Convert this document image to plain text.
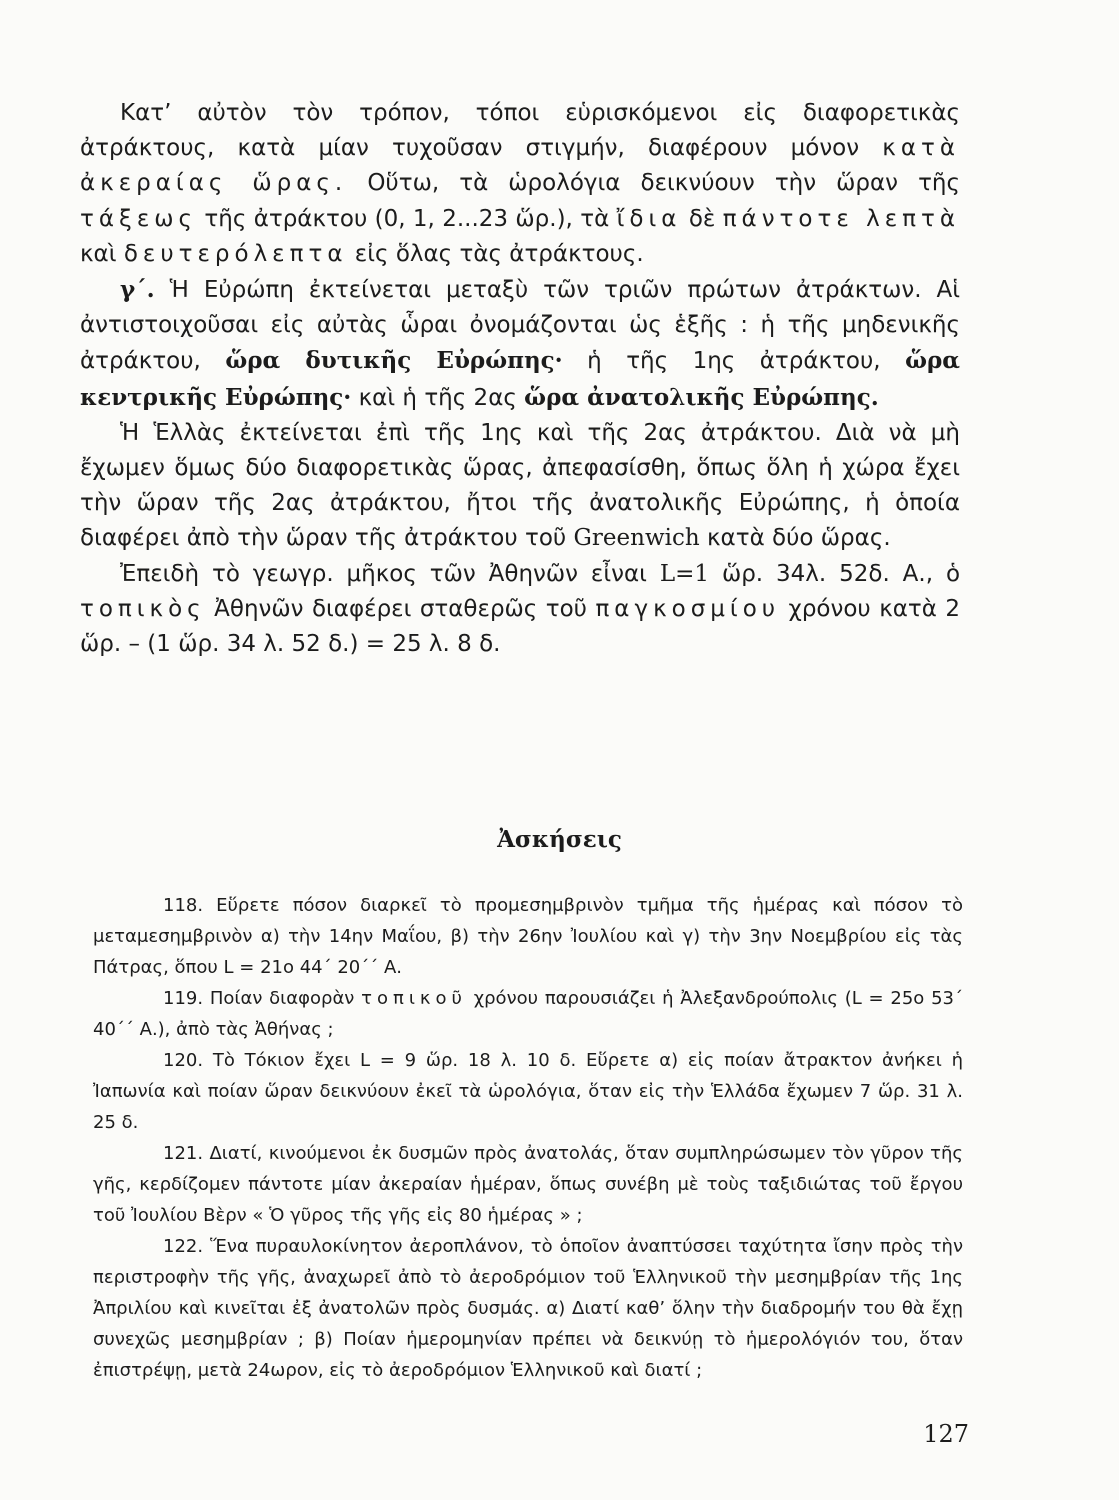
Κατ’ αὐτὸν τὸν τρόπον, τόποι εὑρισκόμενοι εἰς διαφορετικὰς ἀτράκτους, κατὰ μίαν τυχοῦσαν στιγμήν, διαφέρουν μόνον κατὰ ἀκεραίας ὥρας. Οὕτω, τὰ ὡρολόγια δεικνύουν τὴν ὥραν τῆς τάξεως τῆς ἀτράκτου (0, 1, 2...23 ὥρ.), τὰ ἴδια δὲ πάντοτε λεπτὰ καὶ δευτερόλεπτα εἰς ὅλας τὰς ἀτράκτους.

γ΄. Ἡ Εὐρώπη ἐκτείνεται μεταξὺ τῶν τριῶν πρώτων ἀτράκτων. Αἱ ἀντιστοιχοῦσαι εἰς αὐτὰς ὧραι ὀνομάζονται ὡς ἑξῆς : ἡ τῆς μηδενικῆς ἀτράκτου, ὥρα δυτικῆς Εὐρώπης· ἡ τῆς 1ης ἀτράκτου, ὥρα κεντρικῆς Εὐρώπης· καὶ ἡ τῆς 2ας ὥρα ἀνατολικῆς Εὐρώπης.

Ἡ Ἑλλὰς ἐκτείνεται ἐπὶ τῆς 1ης καὶ τῆς 2ας ἀτράκτου. Διὰ νὰ μὴ ἔχωμεν ὅμως δύο διαφορετικὰς ὥρας, ἀπεφασίσθη, ὅπως ὅλη ἡ χώρα ἔχει τὴν ὥραν τῆς 2ας ἀτράκτου, ἤτοι τῆς ἀνατολικῆς Εὐρώπης, ἡ ὁποία διαφέρει ἀπὸ τὴν ὥραν τῆς ἀτράκτου τοῦ Greenwich κατὰ δύο ὥρας.

Ἐπειδὴ τὸ γεωγρ. μῆκος τῶν Ἀθηνῶν εἶναι L=1 ὥρ. 34λ. 52δ. Α., ὁ τοπικὸς Ἀθηνῶν διαφέρει σταθερῶς τοῦ παγκοσμίου χρόνου κατὰ 2 ὥρ. – (1 ὥρ. 34 λ. 52 δ.) = 25 λ. 8 δ.

Ἀσκήσεις

118. Εὕρετε πόσον διαρκεῖ τὸ προμεσημβρινὸν τμῆμα τῆς ἡμέρας καὶ πόσον τὸ μεταμεσημβρινὸν α) τὴν 14ην Μαΐου, β) τὴν 26ην Ἰουλίου καὶ γ) τὴν 3ην Νοεμβρίου εἰς τὰς Πάτρας, ὅπου L = 21ο 44΄ 20΄΄ Α.

119. Ποίαν διαφορὰν τοπικοῦ χρόνου παρουσιάζει ἡ Ἀλεξανδρούπολις (L = 25ο 53΄ 40΄΄ Α.), ἀπὸ τὰς Ἀθήνας ;

120. Τὸ Τόκιον ἔχει L = 9 ὥρ. 18 λ. 10 δ. Εὕρετε α) εἰς ποίαν ἄτρακτον ἀνήκει ἡ Ἰαπωνία καὶ ποίαν ὥραν δεικνύουν ἐκεῖ τὰ ὡρολόγια, ὅταν εἰς τὴν Ἑλλάδα ἔχωμεν 7 ὥρ. 31 λ. 25 δ.

121. Διατί, κινούμενοι ἐκ δυσμῶν πρὸς ἀνατολάς, ὅταν συμπληρώσωμεν τὸν γῦρον τῆς γῆς, κερδίζομεν πάντοτε μίαν ἀκεραίαν ἡμέραν, ὅπως συνέβη μὲ τοὺς ταξιδιώτας τοῦ ἔργου τοῦ Ἰουλίου Βὲρν « Ὁ γῦρος τῆς γῆς εἰς 80 ἡμέρας » ;

122. Ἕνα πυραυλοκίνητον ἀεροπλάνον, τὸ ὁποῖον ἀναπτύσσει ταχύτητα ἴσην πρὸς τὴν περιστροφὴν τῆς γῆς, ἀναχωρεῖ ἀπὸ τὸ ἀεροδρόμιον τοῦ Ἑλληνικοῦ τὴν μεσημβρίαν τῆς 1ης Ἀπριλίου καὶ κινεῖται ἐξ ἀνατολῶν πρὸς δυσμάς. α) Διατί καθ’ ὅλην τὴν διαδρομήν του θὰ ἔχῃ συνεχῶς μεσημβρίαν ; β) Ποίαν ἡμερομηνίαν πρέπει νὰ δεικνύῃ τὸ ἡμερολόγιόν του, ὅταν ἐπιστρέψῃ, μετὰ 24ωρον, εἰς τὸ ἀεροδρόμιον Ἑλληνικοῦ καὶ διατί ;

127
